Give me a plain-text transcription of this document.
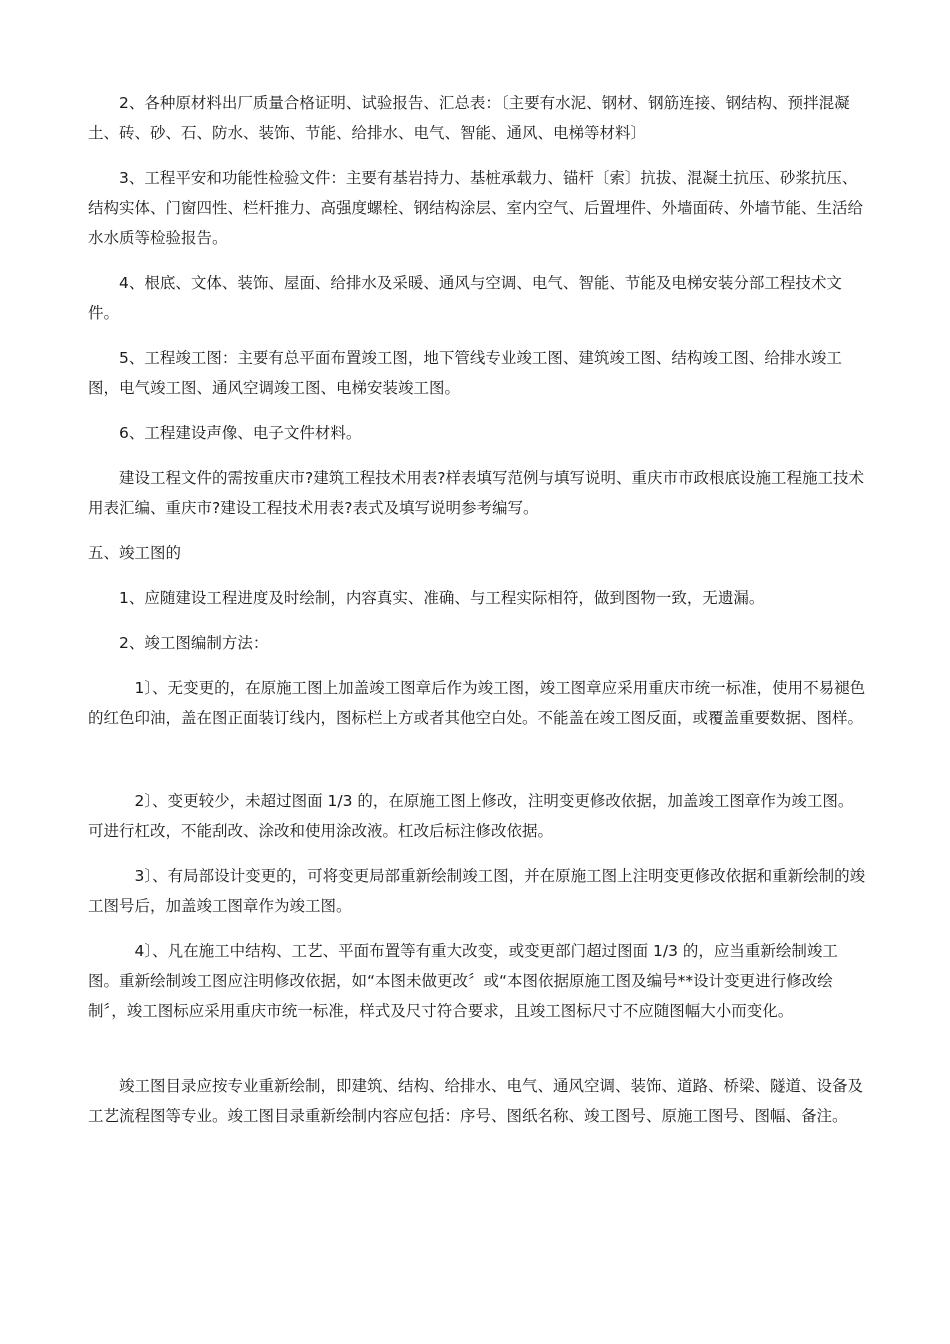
　　2、各种原材料出厂质量合格证明、试验报告、汇总表：〔主要有水泥、钢材、钢筋连接、钢结构、预拌混凝土、砖、砂、石、防水、装饰、节能、给排水、电气、智能、通风、电梯等材料〕

　　3、工程平安和功能性检验文件：主要有基岩持力、基桩承载力、锚杆〔索〕抗拔、混凝土抗压、砂浆抗压、结构实体、门窗四性、栏杆推力、高强度螺栓、钢结构涂层、室内空气、后置埋件、外墙面砖、外墙节能、生活给水水质等检验报告。

　　4、根底、文体、装饰、屋面、给排水及采暖、通风与空调、电气、智能、节能及电梯安装分部工程技术文件。

　　5、工程竣工图：主要有总平面布置竣工图，地下管线专业竣工图、建筑竣工图、结构竣工图、给排水竣工图，电气竣工图、通风空调竣工图、电梯安装竣工图。

　　6、工程建设声像、电子文件材料。

　　建设工程文件的需按重庆市?建筑工程技术用表?样表填写范例与填写说明、重庆市市政根底设施工程施工技术用表汇编、重庆市?建设工程技术用表?表式及填写说明参考编写。

五、竣工图的

　　1、应随建设工程进度及时绘制，内容真实、准确、与工程实际相符，做到图物一致，无遗漏。

　　2、竣工图编制方法：

　　　1〕、无变更的，在原施工图上加盖竣工图章后作为竣工图，竣工图章应采用重庆市统一标准，使用不易褪色的红色印油，盖在图正面装订线内，图标栏上方或者其他空白处。不能盖在竣工图反面，或覆盖重要数据、图样。

　　　2〕、变更较少，未超过图面 1/3 的，在原施工图上修改，注明变更修改依据，加盖竣工图章作为竣工图。可进行杠改，不能刮改、涂改和使用涂改液。杠改后标注修改依据。

　　　3〕、有局部设计变更的，可将变更局部重新绘制竣工图，并在原施工图上注明变更修改依据和重新绘制的竣工图号后，加盖竣工图章作为竣工图。

　　　4〕、凡在施工中结构、工艺、平面布置等有重大改变，或变更部门超过图面 1/3 的，应当重新绘制竣工图。重新绘制竣工图应注明修改依据，如“本图未做更改〞或“本图依据原施工图及编号**设计变更进行修改绘制〞，竣工图标应采用重庆市统一标准，样式及尺寸符合要求，且竣工图标尺寸不应随图幅大小而变化。

　　竣工图目录应按专业重新绘制，即建筑、结构、给排水、电气、通风空调、装饰、道路、桥梁、隧道、设备及工艺流程图等专业。竣工图目录重新绘制内容应包括：序号、图纸名称、竣工图号、原施工图号、图幅、备注。
